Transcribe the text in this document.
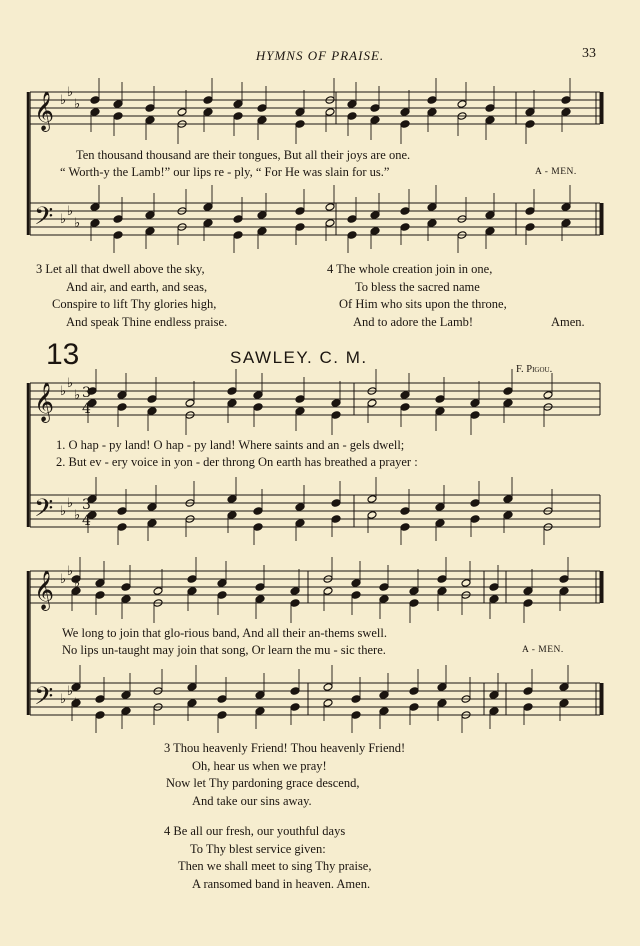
HYMNS OF PRAISE.	33
𝄞
𝄢
♭
♭
♭
♭
♭
♭
𝄞
𝄢
♭
♭
♭
♭
♭
♭
3
4
3
4
𝄞
𝄢
♭
♭
♭
♭
♭
♭
Ten thousand thousand are their tongues, But all their joys are one.
“ Worth-y the Lamb!” our lips re - ply, “ For He was slain for us.”	A - MEN.
3 Let all that dwell above the sky,
And air, and earth, and seas,
Conspire to lift Thy glories high,
And speak Thine endless praise.
4 The whole creation join in one,
To bless the sacred name
Of Him who sits upon the throne,
And to adore the Lamb!	Amen.
13	SAWLEY. C. M.
F. Pigou.
1. O hap - py land! O hap - py land! Where saints and an - gels dwell;
2. But ev - ery voice in yon - der throng On earth has breathed a prayer :
We long to join that glo-rious band, And all their an-thems swell.
No lips un-taught may join that song, Or learn the mu - sic there.	A - MEN.
3 Thou heavenly Friend! Thou heavenly Friend!
Oh, hear us when we pray!
Now let Thy pardoning grace descend,
And take our sins away.
4 Be all our fresh, our youthful days
To Thy blest service given:
Then we shall meet to sing Thy praise,
A ransomed band in heaven. Amen.
